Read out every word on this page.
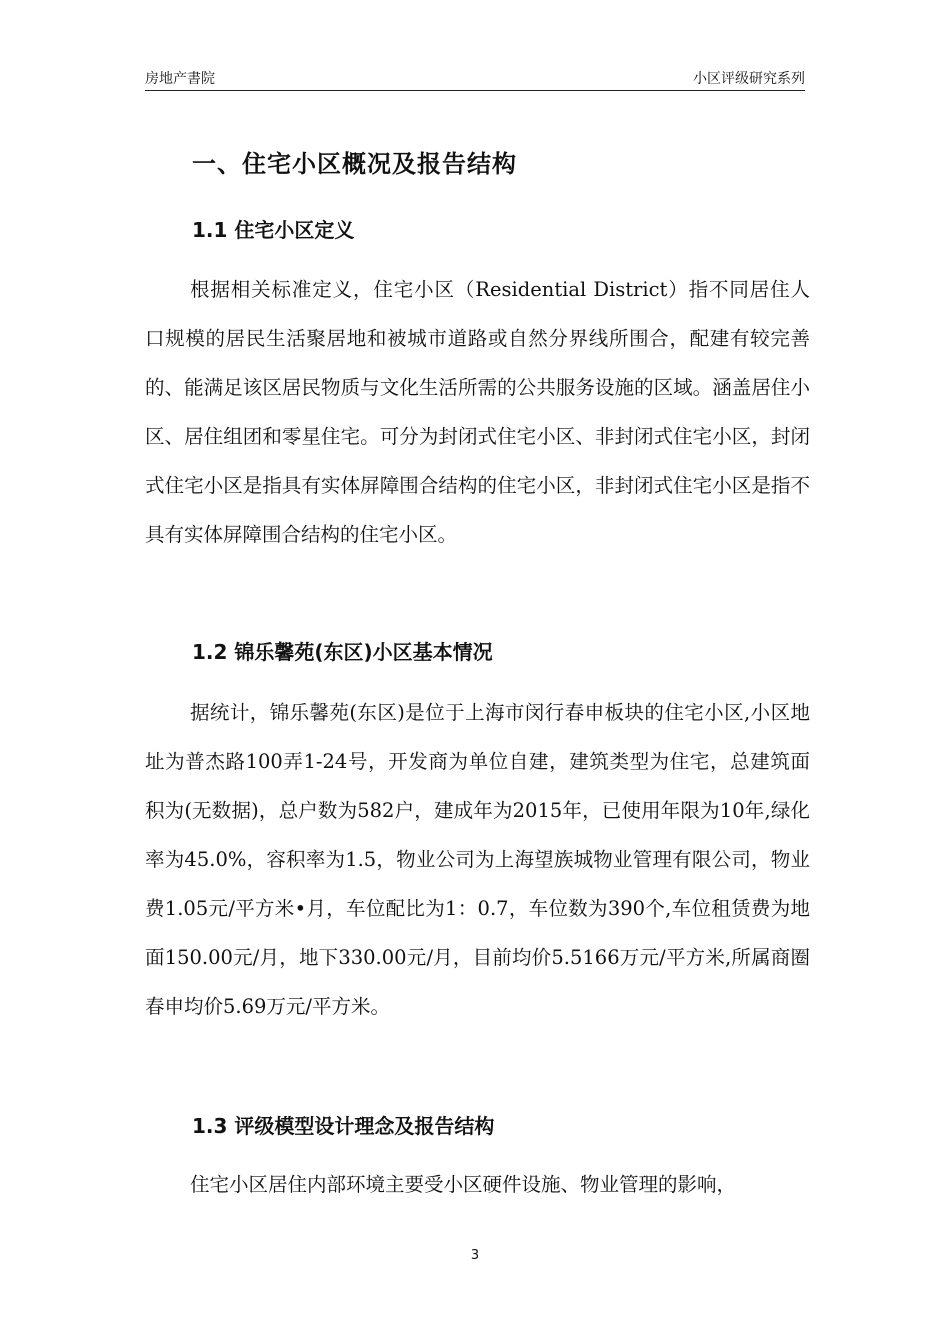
房地产書院	小区评级研究系列
一、住宅小区概况及报告结构
1.1 住宅小区定义

根据相关标准定义，住宅小区（Residential District）指不同居住人口规模的居民生活聚居地和被城市道路或自然分界线所围合，配建有较完善的、能满足该区居民物质与文化生活所需的公共服务设施的区域。涵盖居住小区、居住组团和零星住宅。可分为封闭式住宅小区、非封闭式住宅小区，封闭式住宅小区是指具有实体屏障围合结构的住宅小区，非封闭式住宅小区是指不具有实体屏障围合结构的住宅小区。

1.2 锦乐馨苑(东区)小区基本情况

据统计，锦乐馨苑(东区)是位于上海市闵行春申板块的住宅小区,小区地址为普杰路100弄1-24号，开发商为单位自建，建筑类型为住宅，总建筑面积为(无数据)，总户数为582户，建成年为2015年，已使用年限为10年,绿化率为45.0%，容积率为1.5，物业公司为上海望族城物业管理有限公司，物业费1.05元/平方米•月，车位配比为1：0.7，车位数为390个,车位租赁费为地面150.00元/月，地下330.00元/月，目前均价5.5166万元/平方米,所属商圈春申均价5.69万元/平方米。

1.3 评级模型设计理念及报告结构

住宅小区居住内部环境主要受小区硬件设施、物业管理的影响，

3
